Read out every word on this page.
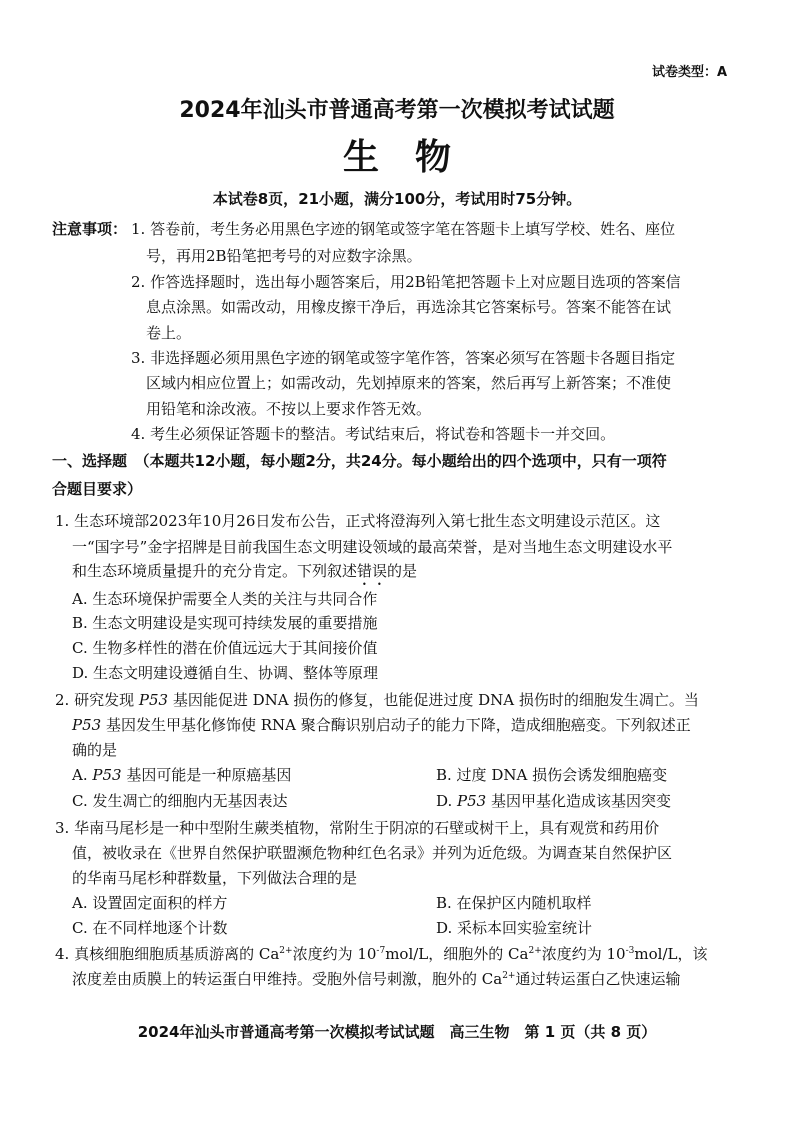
试卷类型：A
2024年汕头市普通高考第一次模拟考试试题
生　物
本试卷8页，21小题，满分100分，考试用时75分钟。
注意事项： 1. 答卷前，考生务必用黑色字迹的钢笔或签字笔在答题卡上填写学校、姓名、座位
号，再用2B铅笔把考号的对应数字涂黑。
2. 作答选择题时，选出每小题答案后，用2B铅笔把答题卡上对应题目选项的答案信
息点涂黑。如需改动，用橡皮擦干净后，再选涂其它答案标号。答案不能答在试
卷上。
3. 非选择题必须用黑色字迹的钢笔或签字笔作答，答案必须写在答题卡各题目指定
区域内相应位置上；如需改动，先划掉原来的答案，然后再写上新答案；不准使
用铅笔和涂改液。不按以上要求作答无效。
4. 考生必须保证答题卡的整洁。考试结束后，将试卷和答题卡一并交回。
一、选择题　（本题共12小题，每小题2分，共24分。每小题给出的四个选项中，只有一项符
合题目要求）
1. 生态环境部2023年10月26日发布公告，正式将澄海列入第七批生态文明建设示范区。这
一“国字号”金字招牌是目前我国生态文明建设领域的最高荣誉，是对当地生态文明建设水平
和生态环境质量提升的充分肯定。下列叙述错误的是
A. 生态环境保护需要全人类的关注与共同合作
B. 生态文明建设是实现可持续发展的重要措施
C. 生物多样性的潜在价值远远大于其间接价值
D. 生态文明建设遵循自生、协调、整体等原理
2. 研究发现 P53 基因能促进 DNA 损伤的修复，也能促进过度 DNA 损伤时的细胞发生凋亡。当
P53 基因发生甲基化修饰使 RNA 聚合酶识别启动子的能力下降，造成细胞癌变。下列叙述正
确的是
A. P53 基因可能是一种原癌基因	B. 过度 DNA 损伤会诱发细胞癌变
C. 发生凋亡的细胞内无基因表达	D. P53 基因甲基化造成该基因突变
3. 华南马尾杉是一种中型附生蕨类植物，常附生于阴凉的石壁或树干上，具有观赏和药用价
值，被收录在《世界自然保护联盟濒危物种红色名录》并列为近危级。为调查某自然保护区
的华南马尾杉种群数量，下列做法合理的是
A. 设置固定面积的样方	B. 在保护区内随机取样
C. 在不同样地逐个计数	D. 采标本回实验室统计
4. 真核细胞细胞质基质游离的 $Ca^{2+}$浓度约为 $10^{-7}mol/L$，细胞外的 $Ca^{2+}$浓度约为 $10^{-3}mol/L$，该
浓度差由质膜上的转运蛋白甲维持。受胞外信号刺激，胞外的 $Ca^{2+}$通过转运蛋白乙快速运输
2024年汕头市普通高考第一次模拟考试试题　高三生物　第 1 页（共 8 页）
